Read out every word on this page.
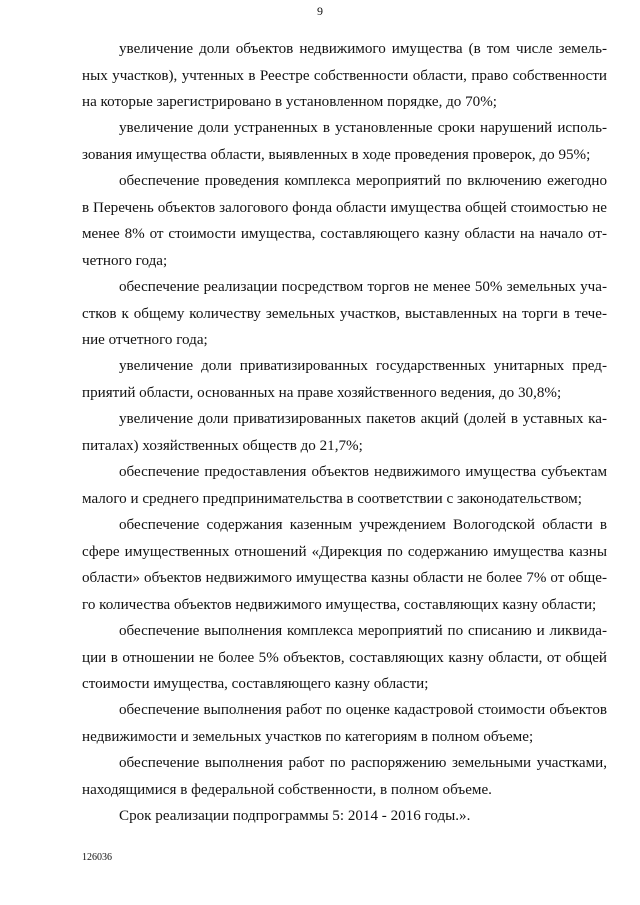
9
увеличение доли объектов недвижимого имущества (в том числе земель-
ных участков), учтенных в Реестре собственности области, право собственности
на которые зарегистрировано в установленном порядке, до 70%;
увеличение доли устраненных в установленные сроки нарушений исполь-
зования имущества области, выявленных в ходе проведения проверок, до 95%;
обеспечение проведения комплекса мероприятий по включению ежегодно
в Перечень объектов залогового фонда области имущества общей стоимостью не
менее 8% от стоимости имущества, составляющего казну области на начало от-
четного года;
обеспечение реализации посредством торгов не менее 50% земельных уча-
стков к общему количеству земельных участков, выставленных на торги в тече-
ние отчетного года;
увеличение доли приватизированных государственных унитарных пред-
приятий области, основанных на праве хозяйственного ведения, до 30,8%;
увеличение доли приватизированных пакетов акций (долей в уставных ка-
питалах) хозяйственных обществ до 21,7%;
обеспечение предоставления объектов недвижимого имущества субъектам
малого и среднего предпринимательства в соответствии с законодательством;
обеспечение содержания казенным учреждением Вологодской области в
сфере имущественных отношений «Дирекция по содержанию имущества казны
области» объектов недвижимого имущества казны области не более 7% от обще-
го количества объектов недвижимого имущества, составляющих казну области;
обеспечение выполнения комплекса мероприятий по списанию и ликвида-
ции в отношении не более 5% объектов, составляющих казну области, от общей
стоимости имущества, составляющего казну области;
обеспечение выполнения работ по оценке кадастровой стоимости объектов
недвижимости и земельных участков по категориям в полном объеме;
обеспечение выполнения работ по распоряжению земельными участками,
находящимися в федеральной собственности, в полном объеме.
Срок реализации подпрограммы 5: 2014 - 2016 годы.».
126036
